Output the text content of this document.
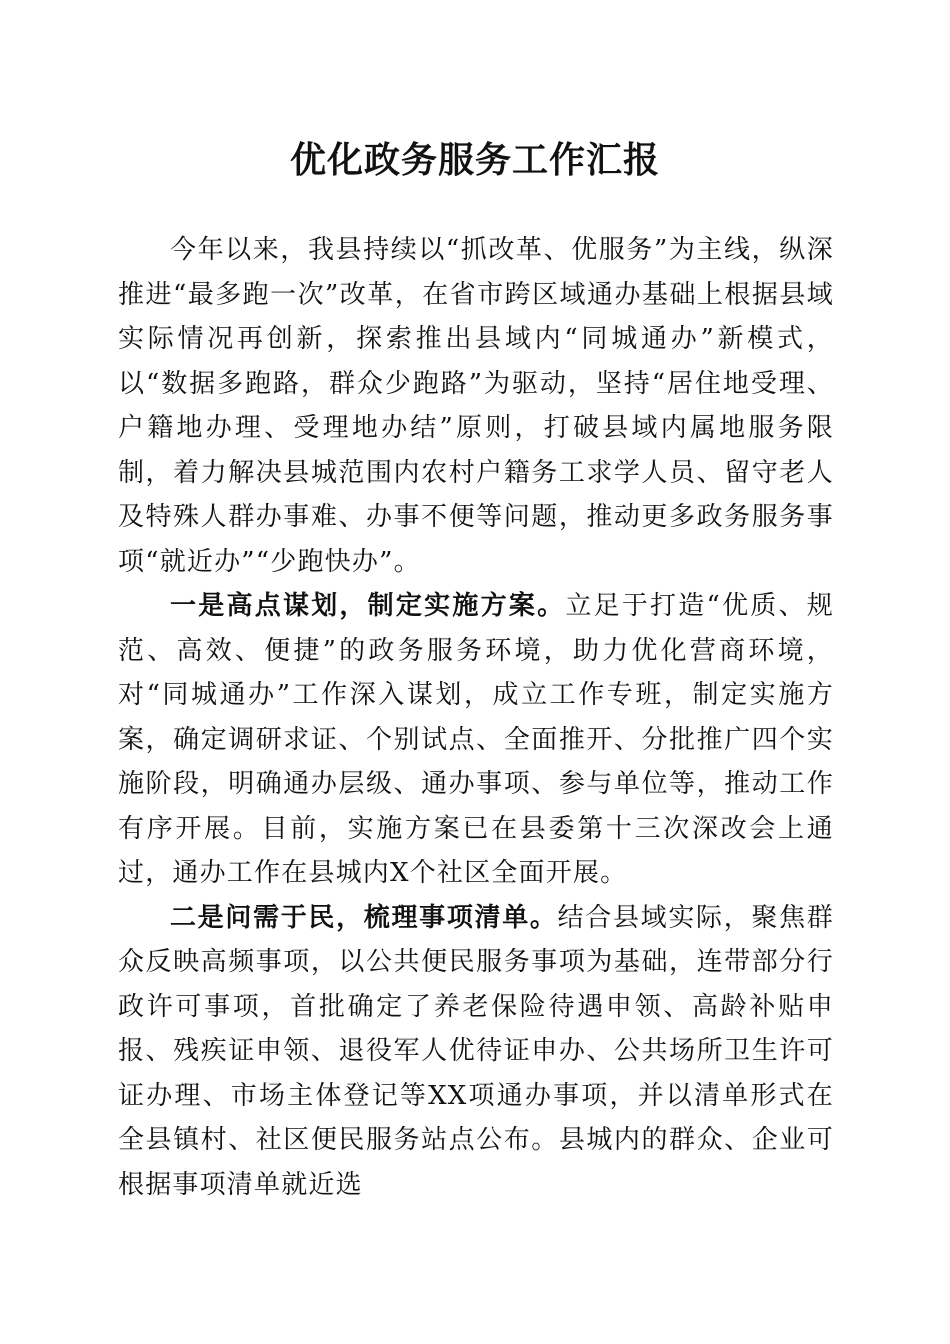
优化政务服务工作汇报

今年以来，我县持续以“抓改革、优服务”为主线，纵深推进“最多跑一次”改革，在省市跨区域通办基础上根据县域实际情况再创新，探索推出县域内“同城通办”新模式，以“数据多跑路，群众少跑路”为驱动，坚持“居住地受理、户籍地办理、受理地办结”原则，打破县域内属地服务限制，着力解决县城范围内农村户籍务工求学人员、留守老人及特殊人群办事难、办事不便等问题，推动更多政务服务事项“就近办”“少跑快办”。

一是高点谋划，制定实施方案。立足于打造“优质、规范、高效、便捷”的政务服务环境，助力优化营商环境，对“同城通办”工作深入谋划，成立工作专班，制定实施方案，确定调研求证、个别试点、全面推开、分批推广四个实施阶段，明确通办层级、通办事项、参与单位等，推动工作有序开展。目前，实施方案已在县委第十三次深改会上通过，通办工作在县城内X个社区全面开展。

二是问需于民，梳理事项清单。结合县域实际，聚焦群众反映高频事项，以公共便民服务事项为基础，连带部分行政许可事项，首批确定了养老保险待遇申领、高龄补贴申报、残疾证申领、退役军人优待证申办、公共场所卫生许可证办理、市场主体登记等XX项通办事项，并以清单形式在全县镇村、社区便民服务站点公布。县城内的群众、企业可根据事项清单就近选
